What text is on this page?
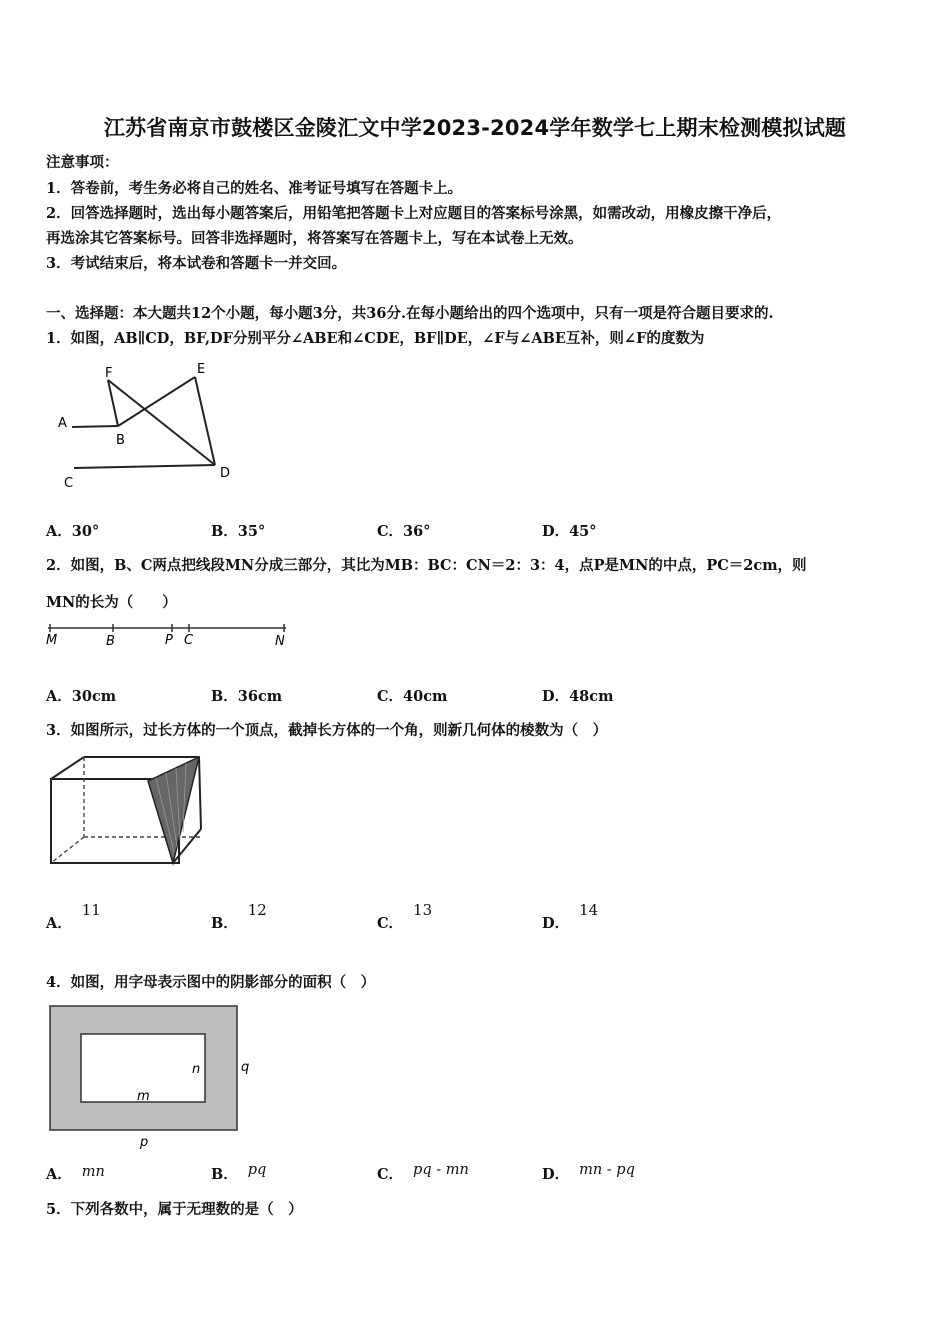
江苏省南京市鼓楼区金陵汇文中学2023-2024学年数学七上期末检测模拟试题
注意事项：
1．答卷前，考生务必将自己的姓名、准考证号填写在答题卡上。
2．回答选择题时，选出每小题答案后，用铅笔把答题卡上对应题目的答案标号涂黑，如需改动，用橡皮擦干净后，
再选涂其它答案标号。回答非选择题时，将答案写在答题卡上，写在本试卷上无效。
3．考试结束后，将本试卷和答题卡一并交回。
一、选择题：本大题共12个小题，每小题3分，共36分.在每小题给出的四个选项中，只有一项是符合题目要求的.
1．如图，AB∥CD，BF,DF分别平分∠ABE和∠CDE，BF∥DE，∠F与∠ABE互补，则∠F的度数为
F	E
A
B
C
D
A．30°	B．35°	C．36°	D．45°
2．如图，B、C两点把线段MN分成三部分，其比为MB：BC：CN＝2：3：4，点P是MN的中点，PC＝2cm，则
MN的长为（　　）
M	B	P C	N
A．30cm	B．36cm	C．40cm	D．48cm
3．如图所示，过长方体的一个顶点，截掉长方体的一个角，则新几何体的棱数为（　）
A．11
B．12
C．13
D．14
4．如图，用字母表示图中的阴影部分的面积（　）
n	q
m
p
A． mn	B． pq	C． pq - mn	D． mn - pq
5．下列各数中，属于无理数的是（　）
